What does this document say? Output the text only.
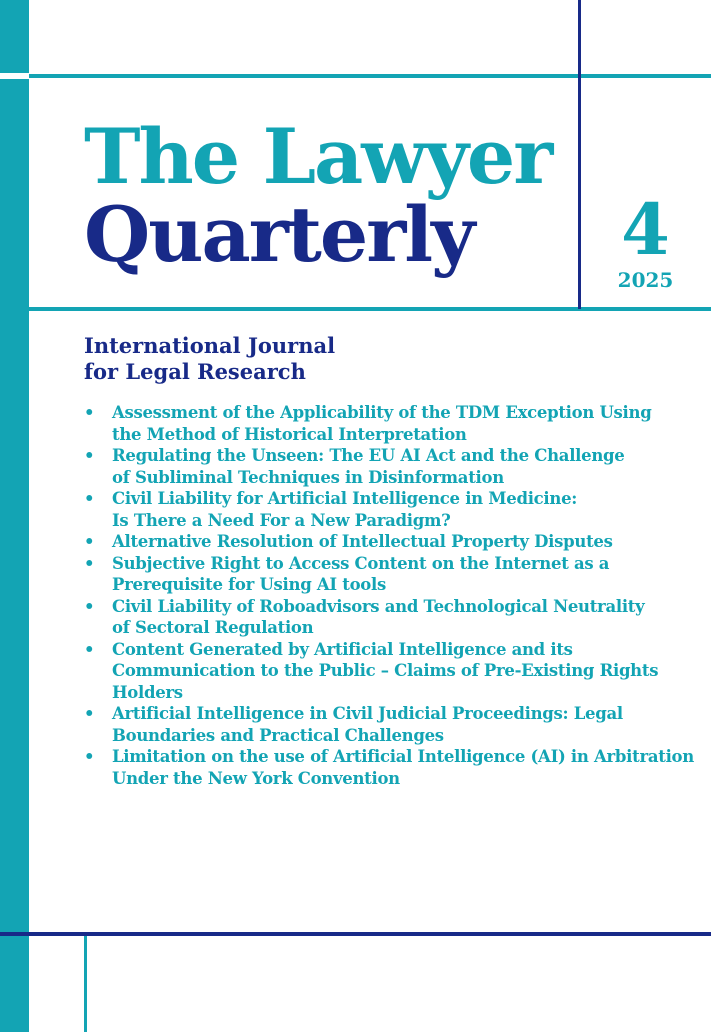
The Lawyer
Quarterly	4
2025
International Journal
for Legal Research
• Assessment of the Applicability of the TDM Exception Using
the Method of Historical Interpretation
• Regulating the Unseen: The EU AI Act and the Challenge
of Subliminal Techniques in Disinformation
• Civil Liability for Artificial Intelligence in Medicine:
Is There a Need For a New Paradigm?
• Alternative Resolution of Intellectual Property Disputes
• Subjective Right to Access Content on the Internet as a
Prerequisite for Using AI tools
• Civil Liability of Roboadvisors and Technological Neutrality
of Sectoral Regulation
• Content Generated by Artificial Intelligence and its
Communication to the Public – Claims of Pre-Existing Rights
Holders
• Artificial Intelligence in Civil Judicial Proceedings: Legal
Boundaries and Practical Challenges
• Limitation on the use of Artificial Intelligence (AI) in Arbitration
Under the New York Convention
